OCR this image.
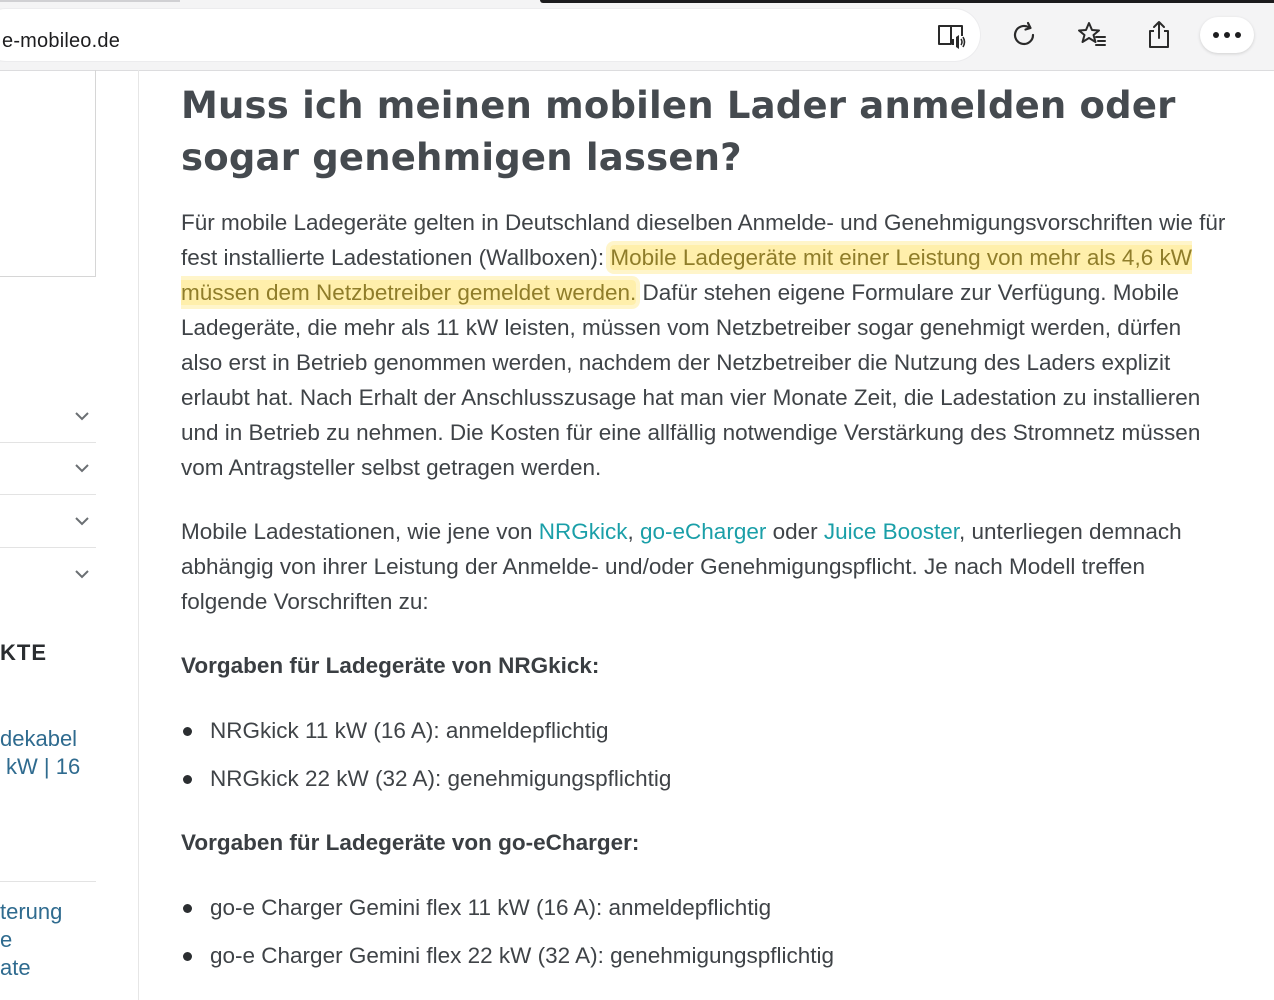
e-mobileo.de
KTE
dekabel
kW | 16
terung
e
ate
Muss ich meinen mobilen Lader anmelden oder sogar genehmigen lassen?

Für mobile Ladegeräte gelten in Deutschland dieselben Anmelde- und Genehmigungsvorschriften wie für fest installierte Ladestationen (Wallboxen): Mobile Ladegeräte mit einer Leistung von mehr als 4,6 kW müssen dem Netzbetreiber gemeldet werden. Dafür stehen eigene Formulare zur Verfügung. Mobile Ladegeräte, die mehr als 11 kW leisten, müssen vom Netzbetreiber sogar genehmigt werden, dürfen also erst in Betrieb genommen werden, nachdem der Netzbetreiber die Nutzung des Laders explizit erlaubt hat. Nach Erhalt der Anschlusszusage hat man vier Monate Zeit, die Ladestation zu installieren und in Betrieb zu nehmen. Die Kosten für eine allfällig notwendige Verstärkung des Stromnetz müssen vom Antragsteller selbst getragen werden.

Mobile Ladestationen, wie jene von NRGkick, go-eCharger oder Juice Booster, unterliegen demnach abhängig von ihrer Leistung der Anmelde- und/oder Genehmigungspflicht. Je nach Modell treffen folgende Vorschriften zu:

Vorgaben für Ladegeräte von NRGkick:
NRGkick 11 kW (16 A): anmeldepflichtig
NRGkick 22 kW (32 A): genehmigungspflichtig
Vorgaben für Ladegeräte von go-eCharger:
go-e Charger Gemini flex 11 kW (16 A): anmeldepflichtig
go-e Charger Gemini flex 22 kW (32 A): genehmigungspflichtig
